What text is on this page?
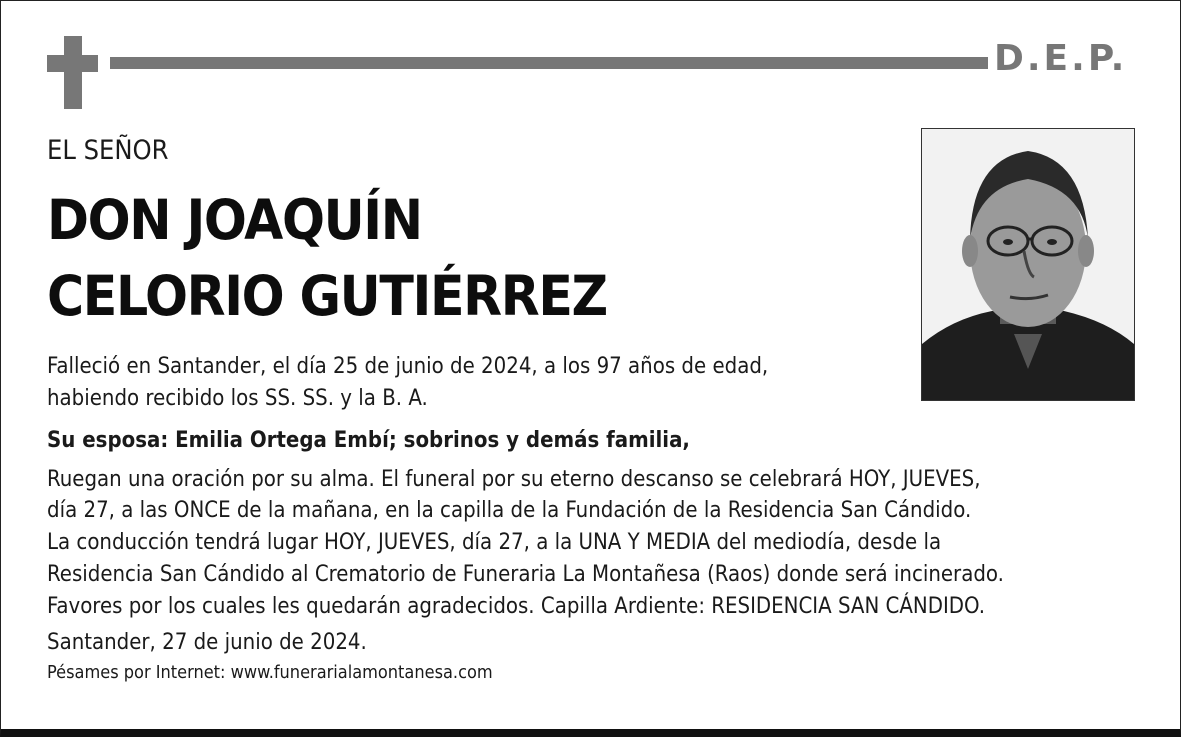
D.E.P.
EL SEÑOR
DON JOAQUÍN
CELORIO GUTIÉRREZ
Falleció en Santander, el día 25 de junio de 2024, a los 97 años de edad,
habiendo recibido los SS. SS. y la B. A.
Su esposa: Emilia Ortega Embí; sobrinos y demás familia,
Ruegan una oración por su alma. El funeral por su eterno descanso se celebrará HOY, JUEVES,
día 27, a las ONCE de la mañana, en la capilla de la Fundación de la Residencia San Cándido.
La conducción tendrá lugar HOY, JUEVES, día 27, a la UNA Y MEDIA del mediodía, desde la
Residencia San Cándido al Crematorio de Funeraria La Montañesa (Raos) donde será incinerado.
Favores por los cuales les quedarán agradecidos. Capilla Ardiente: RESIDENCIA SAN CÁNDIDO.
Santander, 27 de junio de 2024.
Pésames por Internet: www.funerarialamontanesa.com
